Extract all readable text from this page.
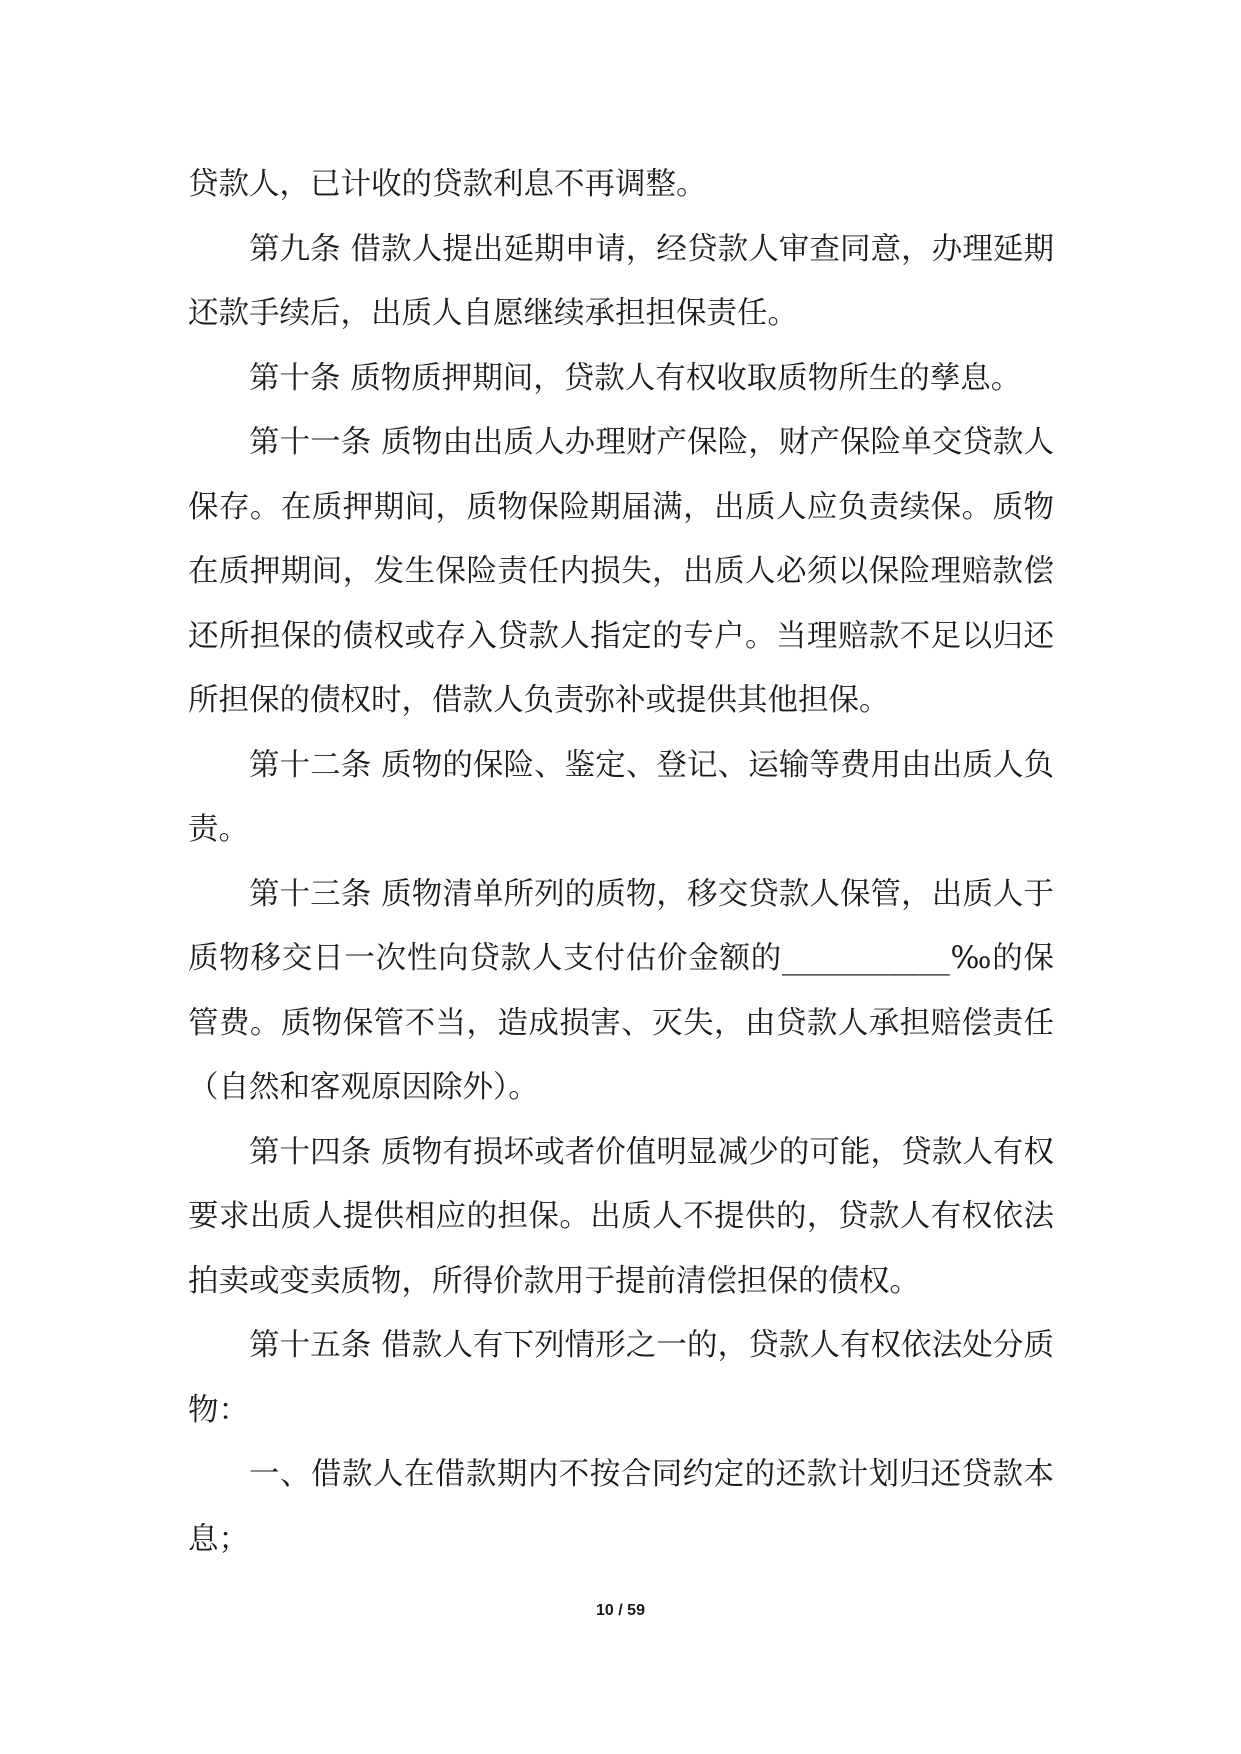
贷款人，已计收的贷款利息不再调整。

第九条 借款人提出延期申请，经贷款人审查同意，办理延期还款手续后，出质人自愿继续承担担保责任。

第十条 质物质押期间，贷款人有权收取质物所生的孳息。

第十一条 质物由出质人办理财产保险，财产保险单交贷款人保存。在质押期间，质物保险期届满，出质人应负责续保。质物在质押期间，发生保险责任内损失，出质人必须以保险理赔款偿还所担保的债权或存入贷款人指定的专户。当理赔款不足以归还所担保的债权时，借款人负责弥补或提供其他担保。

第十二条 质物的保险、鉴定、登记、运输等费用由出质人负责。

第十三条 质物清单所列的质物，移交贷款人保管，出质人于质物移交日一次性向贷款人支付估价金额的___________‰的保管费。质物保管不当，造成损害、灭失，由贷款人承担赔偿责任（自然和客观原因除外）。

第十四条 质物有损坏或者价值明显减少的可能，贷款人有权要求出质人提供相应的担保。出质人不提供的，贷款人有权依法拍卖或变卖质物，所得价款用于提前清偿担保的债权。

第十五条 借款人有下列情形之一的，贷款人有权依法处分质物：

一、借款人在借款期内不按合同约定的还款计划归还贷款本息；

10 / 59
